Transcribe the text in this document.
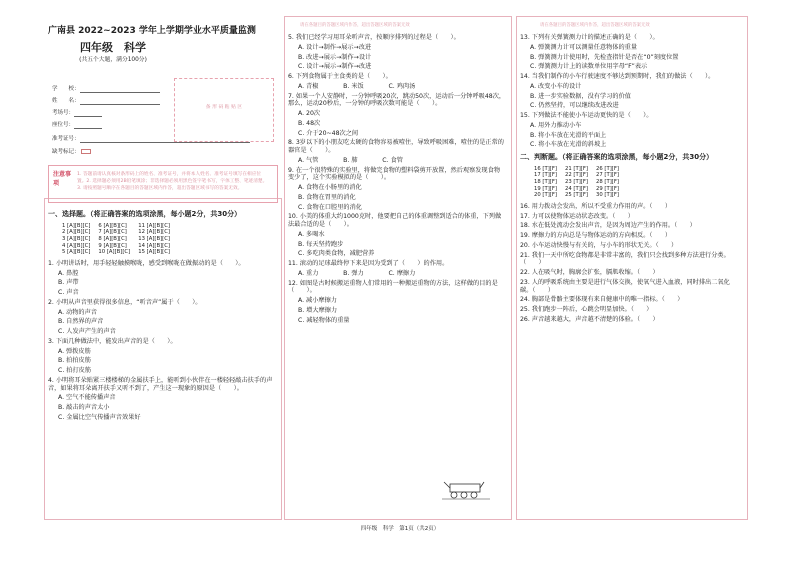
请在各题目的答题区域内作答，超出答题区域的答案无效	请在各题目的答题区域内作答，超出答题区域的答案无效
广南县 2022~2023 学年上学期学业水平质量监测
四年级　科学
(共五个大题，满分100分)
学　　校：
姓　　名：
考场号：
座位号：
准考证号：
缺考标记：
条 形 码 粘 贴 区
注意事项
1. 答题前请认真核对条形码上的姓名、准考证号，并将本人姓名、准考证号填写在相应位置。2. 选择题必须用2B铅笔填涂；非选择题必须用黑色签字笔书写，字体工整、笔迹清楚。3. 请按照题号顺序在各题目的答题区域内作答，超出答题区域书写的答案无效。
一、选择题。（将正确答案的选项涂黑，每小题2分，共30分）
1 [A][B][C]	6 [A][B][C]	11 [A][B][C]
2 [A][B][C]	7 [A][B][C]	12 [A][B][C]
3 [A][B][C]	8 [A][B][C]	13 [A][B][C]
4 [A][B][C]	9 [A][B][C]	14 [A][B][C]
5 [A][B][C]	10 [A][B][C]	15 [A][B][C]
1. 小明讲话时，用手轻轻触摸喉咙，感受到喉咙在做振动的是（　　）。
A. 鼻腔
B. 声带
C. 声音
2. 小明从声音里获得很多信息，“听音声”属于（　　）。
A. 动物的声音
B. 自然界的声音
C. 人发声产生的声音
3. 下面几种做法中，能发出声音的是（　　）。
A. 弹拨皮筋
B. 拍拍皮筋
C. 拍打皮筋
4. 小明将耳朵贴紧三楼楼梯的金属扶手上，能听到小伙伴在一楼轻轻敲击扶手的声音，如果将耳朵离开扶手又听不到了，产生这一现象的原因是（　　）。
A. 空气不能传播声音
B. 敲击的声音太小
C. 金属比空气传播声音效果好
5. 我们已经学习用耳朵听声音，按顺序排列的过程是（　　）。
A. 设计→制作→展示→改进
B. 改进→展示→制作→设计
C. 设计→展示→制作→改进
6. 下列食物属于主食类的是（　　）。
A. 青椒　　　　B. 米饭　　　　C. 鸡肉汤
7. 如果一个人安静时，一分钟呼吸20次，跳动50次，运动后一分钟呼吸48次，那么，运动20秒后，一分钟的呼吸次数可能是（　　）。
A. 20次
B. 48次
C. 介于20~48次之间
8. 3岁以下的小朋友吃太硬的食物容易被噎住，导致呼吸困难，噎住的是正常的器官是（　　）。
A. 气管　　　　B. 肺　　　　C. 食管
9. 在一个很特殊的实验里，将做完食物的塑料袋剪开放置，然后观察发现食物变少了，这个实验模拟的是（　　）。
A. 食物在小肠里的消化
B. 食物在胃里的消化
C. 食物在口腔里的消化
10. 小美的体重大约1000克时，他要把自己的体重调整到适合的体重，下列做法最合适的是（　　）。
A. 多喝水
B. 每天坚持跑步
C. 多吃肉类食物，减肥营养
11. 滚动的足球最终停下来是因为受到了（　　）的作用。
A. 重力　　　　B. 弹力　　　　C. 摩擦力
12. 如图是古时候搬运重物人们常用的一种搬运重物的方法，这样做的目的是（　　）。
A. 减小摩擦力
B. 增大摩擦力
C. 减轻物体的重量
13. 下列有关弹簧测力计的描述正确的是（　　）。
A. 弹簧测力计可以测量任意物体的重量
B. 弹簧测力计使用时，先检查指针是否在“0”刻度位置
C. 弹簧测力计上的读数单位用字母“F”表示
14. 当我们制作的小车行驶速度不够达到预期时，我们的做法（　　）。
A. 改变小车的设计
B. 进一步实验数据，没有学习的价值
C. 仍然坚持，可以继续改进改进
15. 下列做法不能使小车运动更快的是（　　）。
A. 用外力推动小车
B. 将小车放在光滑的平面上
C. 将小车放在光滑的斜坡上
二、判断题。（将正确答案的选项涂黑，每小题2分，共30分）
16 [T][F]	21 [T][F]	26 [T][F]
17 [T][F]	22 [T][F]	27 [T][F]
18 [T][F]	23 [T][F]	28 [T][F]
19 [T][F]	24 [T][F]	29 [T][F]
20 [T][F]	25 [T][F]	30 [T][F]
16. 用力拨动会发出，所以不受重力作用的声。（　　）
17. 力可以使物体运动状态改变。（　　）
18. 水在低处流动会发出声音，是因为周边产生的作用。（　　）
19. 摩擦力的方向总是与物体运动的方向相反。（　　）
20. 小车运动快慢与有关的，与小车的形状无关。（　　）
21. 我们一天中所吃食物都是非常丰富的，我们只会找到多种方法进行分类。（　　）
22. 人在吸气时，胸廓会扩张，膈肌收缩。（　　）
23. 人的呼吸系统由主要是进行气体交换，使氧气进入血液，同时排出二氧化碳。（　　）
24. 胸部是骨骼主要体现有来自健康中的唯一指标。（　　）
25. 我们跑步一阵后，心跳会明显加快。（　　）
26. 声音越来越大，声音越不清楚的体验。（　　）
四年级　科学　第1页（共2页）
